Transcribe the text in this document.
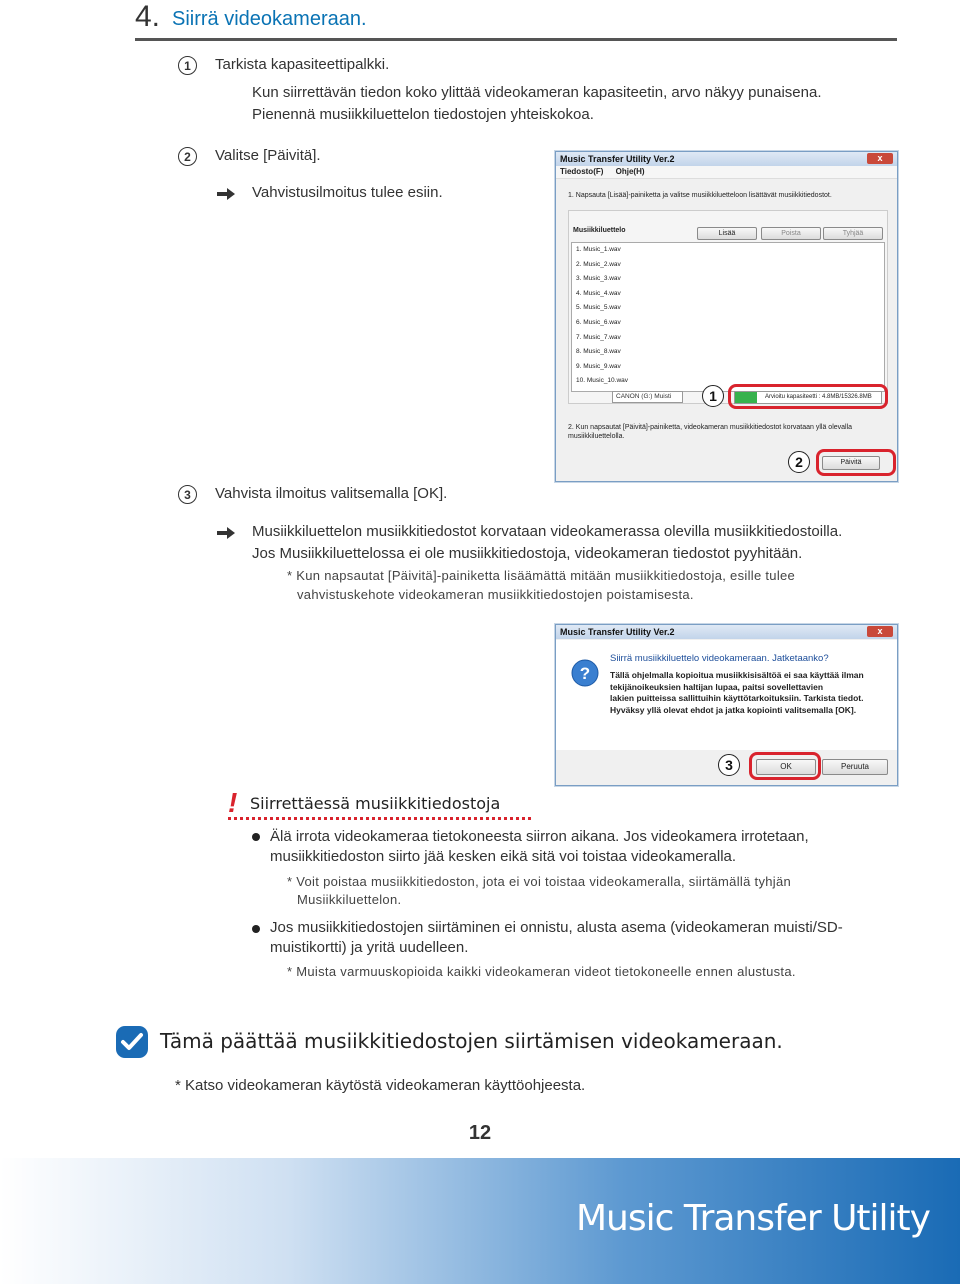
4. Siirrä videokameraan.
1	Tarkista kapasiteettipalkki.
Kun siirrettävän tiedon koko ylittää videokameran kapasiteetin, arvo näkyy punaisena.
Pienennä musiikkiluettelon tiedostojen yhteiskokoa.
2	Valitse [Päivitä].
Vahvistusilmoitus tulee esiin.
Music Transfer Utility Ver.2	x
Tiedosto(F) Ohje(H)
1. Napsauta [Lisää]-painiketta ja valitse musiikkiluetteloon lisättävät musiikkitiedostot.
Musiikkiluettelo	Lisää	Poista	Tyhjää
1. Music_1.wav
2. Music_2.wav
3. Music_3.wav
4. Music_4.wav
5. Music_5.wav
6. Music_6.wav
7. Music_7.wav
8. Music_8.wav
9. Music_9.wav
10. Music_10.wav
CANON (G:) Muisti	Arvioitu kapasiteetti : 4.8MB/15326.8MB
1
2. Kun napsautat [Päivitä]-painiketta, videokameran musiikkitiedostot korvataan yllä olevalla
musiikkiluettelolla.
Päivitä
2
3	Vahvista ilmoitus valitsemalla [OK].
Musiikkiluettelon musiikkitiedostot korvataan videokamerassa olevilla musiikkitiedostoilla.
Jos Musiikkiluettelossa ei ole musiikkitiedostoja, videokameran tiedostot pyyhitään.
* Kun napsautat [Päivitä]-painiketta lisäämättä mitään musiikkitiedostoja, esille tulee
vahvistuskehote videokameran musiikkitiedostojen poistamisesta.
Music Transfer Utility Ver.2	x
?
Siirrä musiikkiluettelo videokameraan. Jatketaanko?
Tällä ohjelmalla kopioitua musiikkisisältöä ei saa käyttää ilman
tekijänoikeuksien haltijan lupaa, paitsi sovellettavien
lakien puitteissa sallittuihin käyttötarkoituksiin. Tarkista tiedot.
Hyväksy yllä olevat ehdot ja jatka kopiointi valitsemalla [OK].
OK	Peruuta
3
! Siirrettäessä musiikkitiedostoja
Älä irrota videokameraa tietokoneesta siirron aikana. Jos videokamera irrotetaan,
musiikkitiedoston siirto jää kesken eikä sitä voi toistaa videokameralla.
* Voit poistaa musiikkitiedoston, jota ei voi toistaa videokameralla, siirtämällä tyhjän
Musiikkiluettelon.
Jos musiikkitiedostojen siirtäminen ei onnistu, alusta asema (videokameran muisti/SD-
muistikortti) ja yritä uudelleen.
* Muista varmuuskopioida kaikki videokameran videot tietokoneelle ennen alustusta.
Tämä päättää musiikkitiedostojen siirtämisen videokameraan.
* Katso videokameran käytöstä videokameran käyttöohjeesta.
12
Music Transfer Utility
